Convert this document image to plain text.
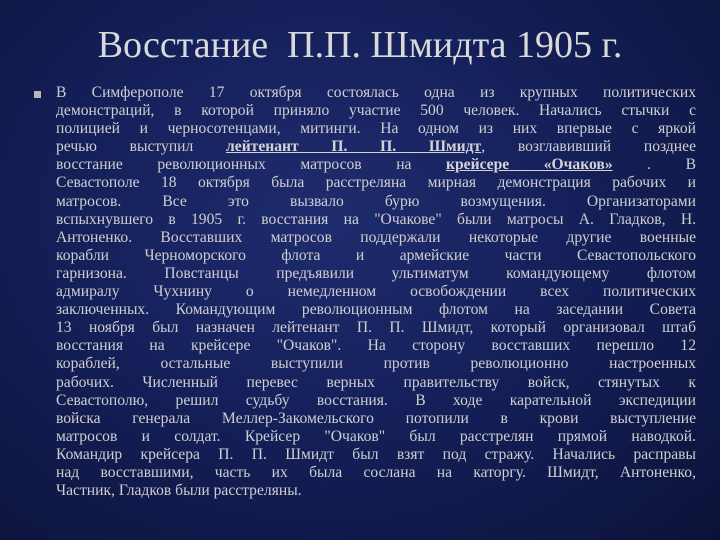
Восстание  П.П. Шмидта 1905 г.
В Симферополе 17 октября состоялась одна из крупных политических
демонстраций, в которой приняло участие 500 человек. Начались стычки с
полицией и черносотенцами, митинги. На одном из них впервые с яркой
речью выступил лейтенант П. П. Шмидт, возглавивший позднее
восстание революционных матросов на крейсере «Очаков» . В
Севастополе 18 октября была расстреляна мирная демонстрация рабочих и
матросов. Все это вызвало бурю возмущения. Организаторами
вспыхнувшего в 1905 г. восстания на "Очакове" были матросы А. Гладков, Н.
Антоненко. Восставших матросов поддержали некоторые другие военные
корабли Черноморского флота и армейские части Севастопольского
гарнизона. Повстанцы предъявили ультиматум командующему флотом
адмиралу Чухнину о немедленном освобождении всех политических
заключенных. Командующим революционным флотом на заседании Совета
13 ноября был назначен лейтенант П. П. Шмидт, который организовал штаб
восстания на крейсере "Очаков". На сторону восставших перешло 12
кораблей, остальные выступили против революционно настроенных
рабочих. Численный перевес верных правительству войск, стянутых к
Севастополю, решил судьбу восстания. В ходе карательной экспедиции
войска генерала Меллер-Закомельского потопили в крови выступление
матросов и солдат. Крейсер "Очаков" был расстрелян прямой наводкой.
Командир крейсера П. П. Шмидт был взят под стражу. Начались расправы
над восставшими, часть их была сослана на каторгу. Шмидт, Антоненко,
Частник, Гладков были расстреляны.
